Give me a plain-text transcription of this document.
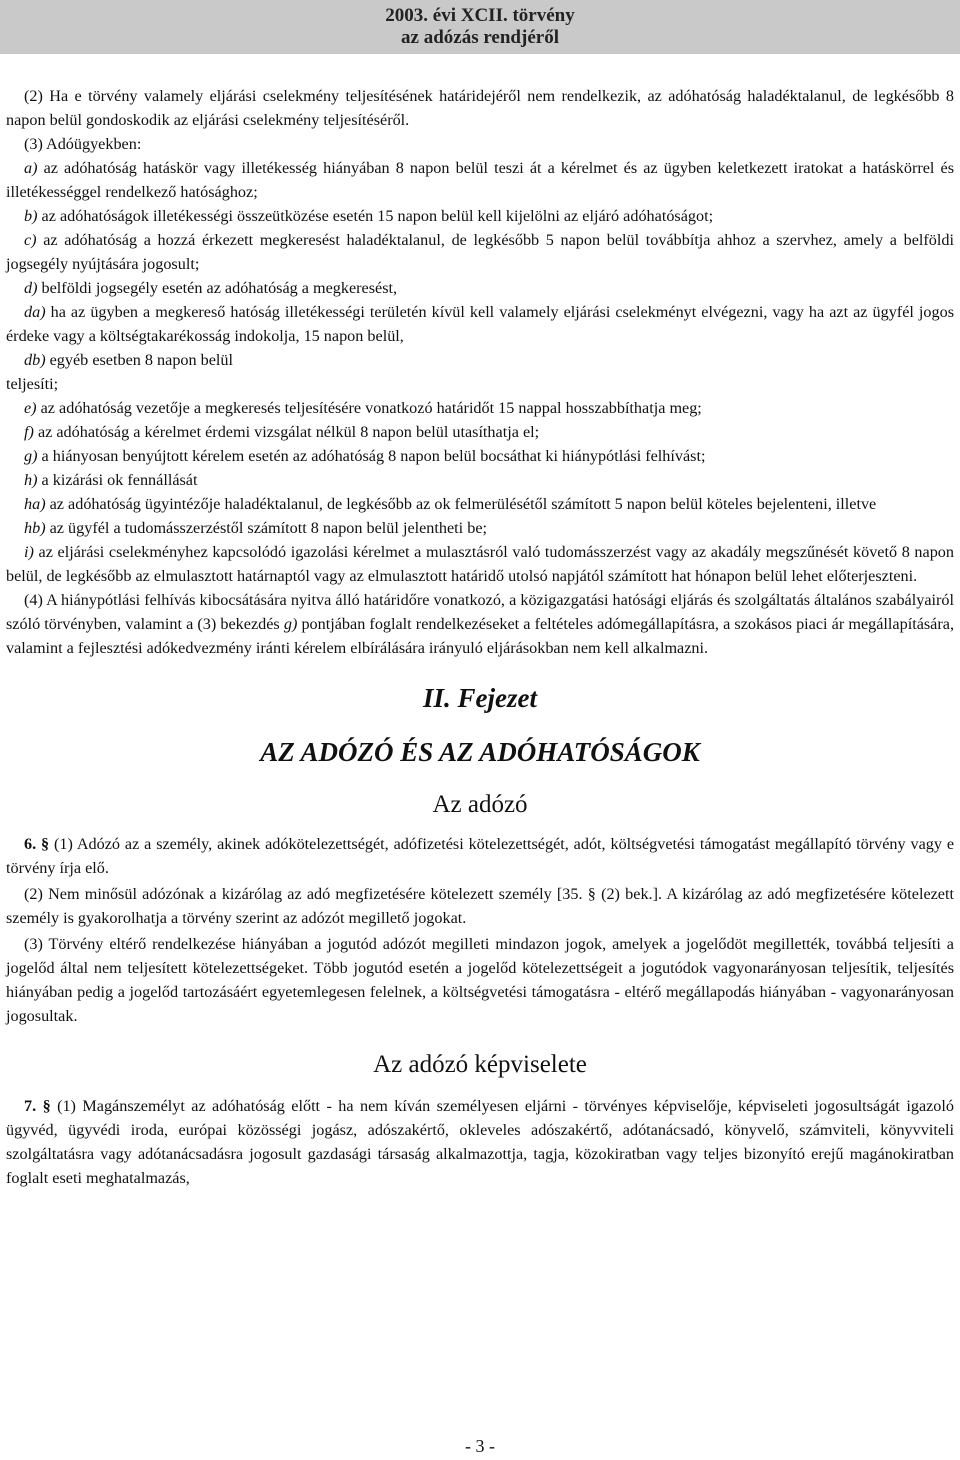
2003. évi XCII. törvény
az adózás rendjéről

(2) Ha e törvény valamely eljárási cselekmény teljesítésének határidejéről nem rendelkezik, az adóhatóság haladéktalanul, de legkésőbb 8 napon belül gondoskodik az eljárási cselekmény teljesítéséről.

(3) Adóügyekben:

a) az adóhatóság hatáskör vagy illetékesség hiányában 8 napon belül teszi át a kérelmet és az ügyben keletkezett iratokat a hatáskörrel és illetékességgel rendelkező hatósághoz;

b) az adóhatóságok illetékességi összeütközése esetén 15 napon belül kell kijelölni az eljáró adóhatóságot;

c) az adóhatóság a hozzá érkezett megkeresést haladéktalanul, de legkésőbb 5 napon belül továbbítja ahhoz a szervhez, amely a belföldi jogsegély nyújtására jogosult;

d) belföldi jogsegély esetén az adóhatóság a megkeresést,

da) ha az ügyben a megkereső hatóság illetékességi területén kívül kell valamely eljárási cselekményt elvégezni, vagy ha azt az ügyfél jogos érdeke vagy a költségtakarékosság indokolja, 15 napon belül,

db) egyéb esetben 8 napon belül

teljesíti;

e) az adóhatóság vezetője a megkeresés teljesítésére vonatkozó határidőt 15 nappal hosszabbíthatja meg;

f) az adóhatóság a kérelmet érdemi vizsgálat nélkül 8 napon belül utasíthatja el;

g) a hiányosan benyújtott kérelem esetén az adóhatóság 8 napon belül bocsáthat ki hiánypótlási felhívást;

h) a kizárási ok fennállását

ha) az adóhatóság ügyintézője haladéktalanul, de legkésőbb az ok felmerülésétől számított 5 napon belül köteles bejelenteni, illetve

hb) az ügyfél a tudomásszerzéstől számított 8 napon belül jelentheti be;

i) az eljárási cselekményhez kapcsolódó igazolási kérelmet a mulasztásról való tudomásszerzést vagy az akadály megszűnését követő 8 napon belül, de legkésőbb az elmulasztott határnaptól vagy az elmulasztott határidő utolsó napjától számított hat hónapon belül lehet előterjeszteni.

(4) A hiánypótlási felhívás kibocsátására nyitva álló határidőre vonatkozó, a közigazgatási hatósági eljárás és szolgáltatás általános szabályairól szóló törvényben, valamint a (3) bekezdés g) pontjában foglalt rendelkezéseket a feltételes adómegállapításra, a szokásos piaci ár megállapítására, valamint a fejlesztési adókedvezmény iránti kérelem elbírálására irányuló eljárásokban nem kell alkalmazni.

II. Fejezet
AZ ADÓZÓ ÉS AZ ADÓHATÓSÁGOK
Az adózó

6. § (1) Adózó az a személy, akinek adókötelezettségét, adófizetési kötelezettségét, adót, költségvetési támogatást megállapító törvény vagy e törvény írja elő.

(2) Nem minősül adózónak a kizárólag az adó megfizetésére kötelezett személy [35. § (2) bek.]. A kizárólag az adó megfizetésére kötelezett személy is gyakorolhatja a törvény szerint az adózót megillető jogokat.

(3) Törvény eltérő rendelkezése hiányában a jogutód adózót megilleti mindazon jogok, amelyek a jogelődöt megillették, továbbá teljesíti a jogelőd által nem teljesített kötelezettségeket. Több jogutód esetén a jogelőd kötelezettségeit a jogutódok vagyonarányosan teljesítik, teljesítés hiányában pedig a jogelőd tartozásáért egyetemlegesen felelnek, a költségvetési támogatásra - eltérő megállapodás hiányában - vagyonarányosan jogosultak.

Az adózó képviselete

7. § (1) Magánszemélyt az adóhatóság előtt - ha nem kíván személyesen eljárni - törvényes képviselője, képviseleti jogosultságát igazoló ügyvéd, ügyvédi iroda, európai közösségi jogász, adószakértő, okleveles adószakértő, adótanácsadó, könyvelő, számviteli, könyvviteli szolgáltatásra vagy adótanácsadásra jogosult gazdasági társaság alkalmazottja, tagja, közokiratban vagy teljes bizonyító erejű magánokiratban foglalt eseti meghatalmazás,

- 3 -
